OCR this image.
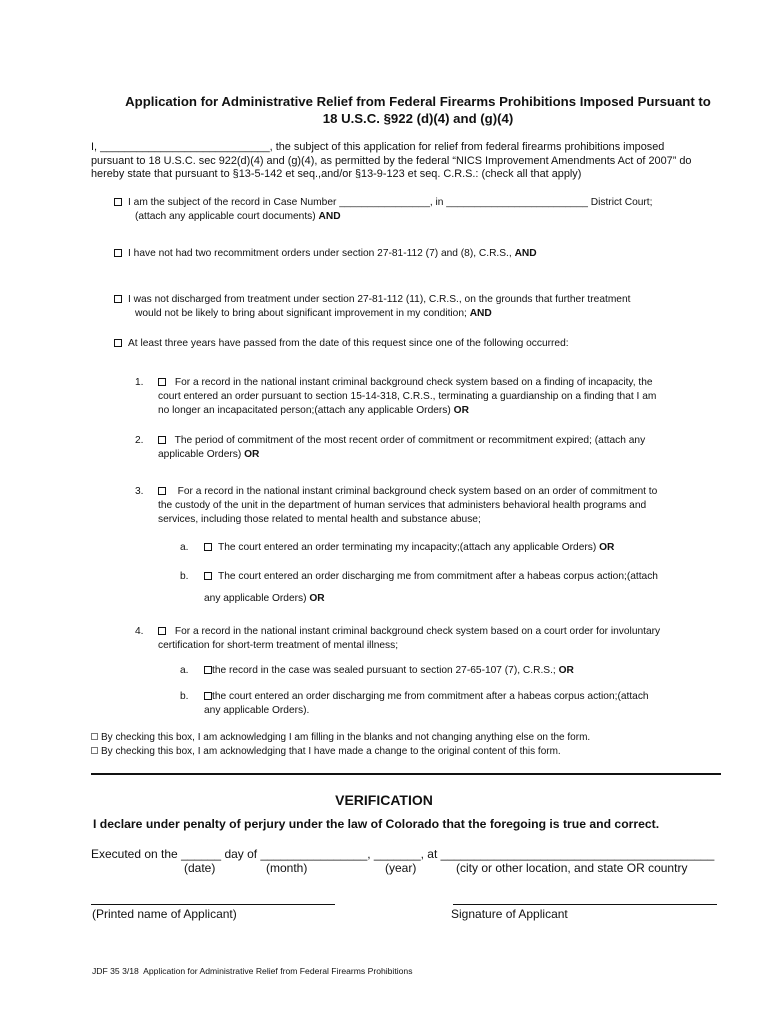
Application for Administrative Relief from Federal Firearms Prohibitions Imposed Pursuant to
18 U.S.C. §922 (d)(4) and (g)(4)
I, ____________________________, the subject of this application for relief from federal firearms prohibitions imposed
pursuant to 18 U.S.C. sec 922(d)(4) and (g)(4), as permitted by the federal “NICS Improvement Amendments Act of 2007” do
hereby state that pursuant to §13-5-142 et seq.,and/or §13-9-123 et seq. C.R.S.: (check all that apply)
I am the subject of the record in Case Number ________________, in _________________________ District Court;
(attach any applicable court documents) AND
I have not had two recommitment orders under section 27-81-112 (7) and (8), C.R.S., AND
I was not discharged from treatment under section 27-81-112 (11), C.R.S., on the grounds that further treatment
would not be likely to bring about significant improvement in my condition; AND
At least three years have passed from the date of this request since one of the following occurred:
1.	For a record in the national instant criminal background check system based on a finding of incapacity, the
court entered an order pursuant to section 15-14-318, C.R.S., terminating a guardianship on a finding that I am
no longer an incapacitated person;(attach any applicable Orders) OR
2.	The period of commitment of the most recent order of commitment or recommitment expired; (attach any
applicable Orders) OR
3.	For a record in the national instant criminal background check system based on an order of commitment to
the custody of the unit in the department of human services that administers behavioral health programs and
services, including those related to mental health and substance abuse;
a.	The court entered an order terminating my incapacity;(attach any applicable Orders) OR
b.	The court entered an order discharging me from commitment after a habeas corpus action;(attach
any applicable Orders) OR
4.	For a record in the national instant criminal background check system based on a court order for involuntary
certification for short-term treatment of mental illness;
a.	the record in the case was sealed pursuant to section 27-65-107 (7), C.R.S.; OR
b.	the court entered an order discharging me from commitment after a habeas corpus action;(attach
any applicable Orders).
By checking this box, I am acknowledging I am filling in the blanks and not changing anything else on the form.
By checking this box, I am acknowledging that I have made a change to the original content of this form.
VERIFICATION
I declare under penalty of perjury under the law of Colorado that the foregoing is true and correct.
Executed on the ______ day of ________________, _______, at _________________________________________
(date)	(month)	(year)	(city or other location, and state OR country
(Printed name of Applicant)	Signature of Applicant
JDF 35 3/18 Application for Administrative Relief from Federal Firearms Prohibitions
